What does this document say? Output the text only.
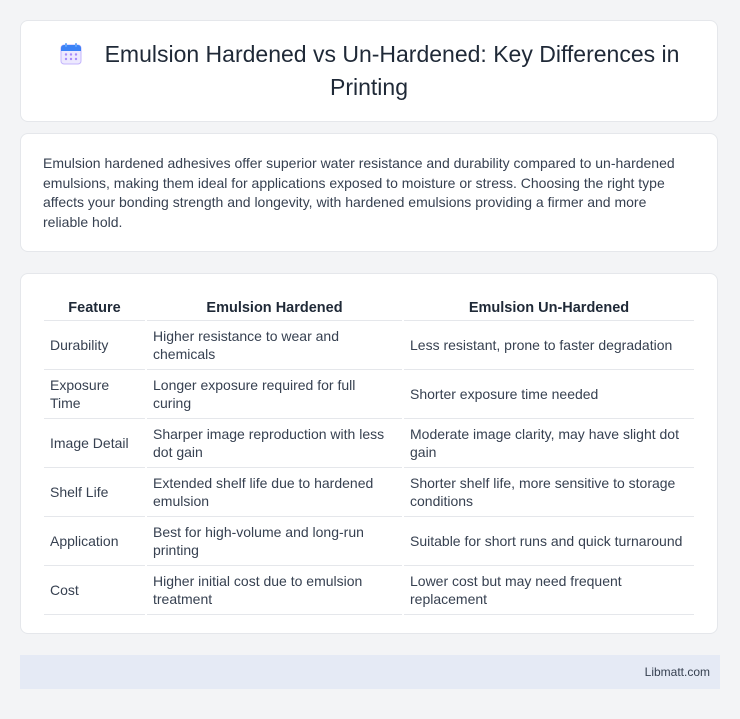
Emulsion Hardened vs Un-Hardened: Key Differences in Printing

Emulsion hardened adhesives offer superior water resistance and durability compared to un-hardened emulsions, making them ideal for applications exposed to moisture or stress. Choosing the right type affects your bonding strength and longevity, with hardened emulsions providing a firmer and more reliable hold.

Feature	Emulsion Hardened	Emulsion Un-Hardened
Durability	Higher resistance to wear and chemicals	Less resistant, prone to faster degradation
Exposure Time	Longer exposure required for full curing	Shorter exposure time needed
Image Detail	Sharper image reproduction with less dot gain	Moderate image clarity, may have slight dot gain
Shelf Life	Extended shelf life due to hardened emulsion	Shorter shelf life, more sensitive to storage conditions
Application	Best for high-volume and long-run printing	Suitable for short runs and quick turnaround
Cost	Higher initial cost due to emulsion treatment	Lower cost but may need frequent replacement
Libmatt.com
